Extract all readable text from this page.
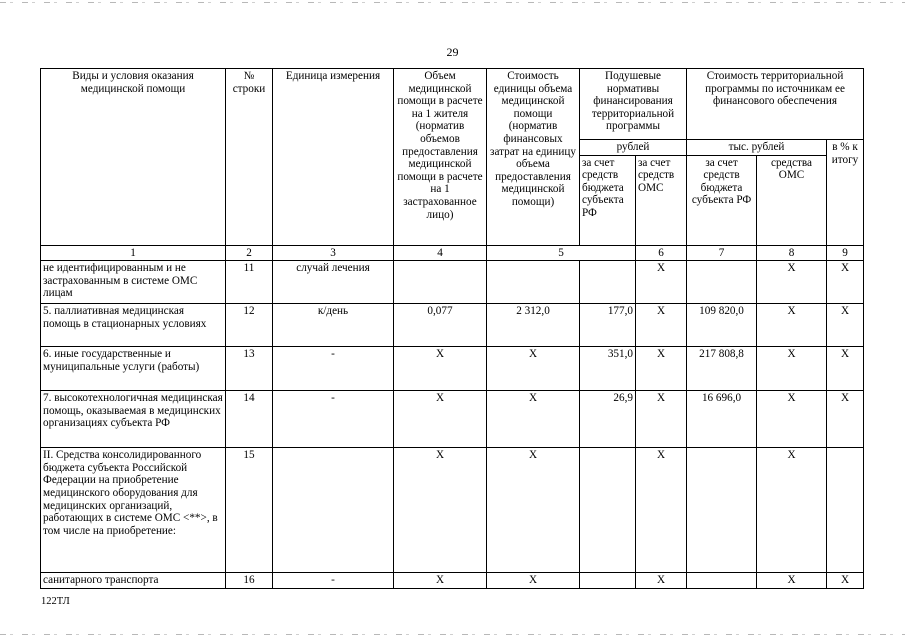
29
Виды и условия оказания медицинской помощи	№ строки	Единица измерения	Объем медицинской помощи в расчете на 1 жителя (норматив объемов предоставления медицинской помощи в расчете на 1 застрахованное лицо)	Стоимость единицы объема медицинской помощи (норматив финансовых затрат на единицу объема предоставления медицинской помощи)	Подушевые нормативы финансирования территориальной программы		Стоимость территориальной программы по источникам ее финансового обеспечения		
					рублей		тыс. рублей		в % к итогу
					за счет средств бюджета субъекта РФ	за счет средств ОМС	за счет средств бюджета субъекта РФ	средства ОМС	
1	2	3	4	5		6	7	8	9
не идентифицированным и не застрахованным в системе ОМС лицам	11	случай лечения				X		X	X
5. паллиативная медицинская помощь в стационарных условиях	12	к/день	0,077	2 312,0	177,0	X	109 820,0	X	X
6. иные государственные и муниципальные услуги (работы)	13	-	X	X	351,0	X	217 808,8	X	X
7. высокотехнологичная медицинская помощь, оказываемая в медицинских организациях субъекта РФ	14	-	X	X	26,9	X	16 696,0	X	X
II. Средства консолидированного бюджета субъекта Российской Федерации на приобретение медицинского оборудования для медицинских организаций, работающих в системе ОМС <**>, в том числе на приобретение:	15		X	X		X		X	
санитарного транспорта	16	-	X	X		X		X	X
122ТЛ
